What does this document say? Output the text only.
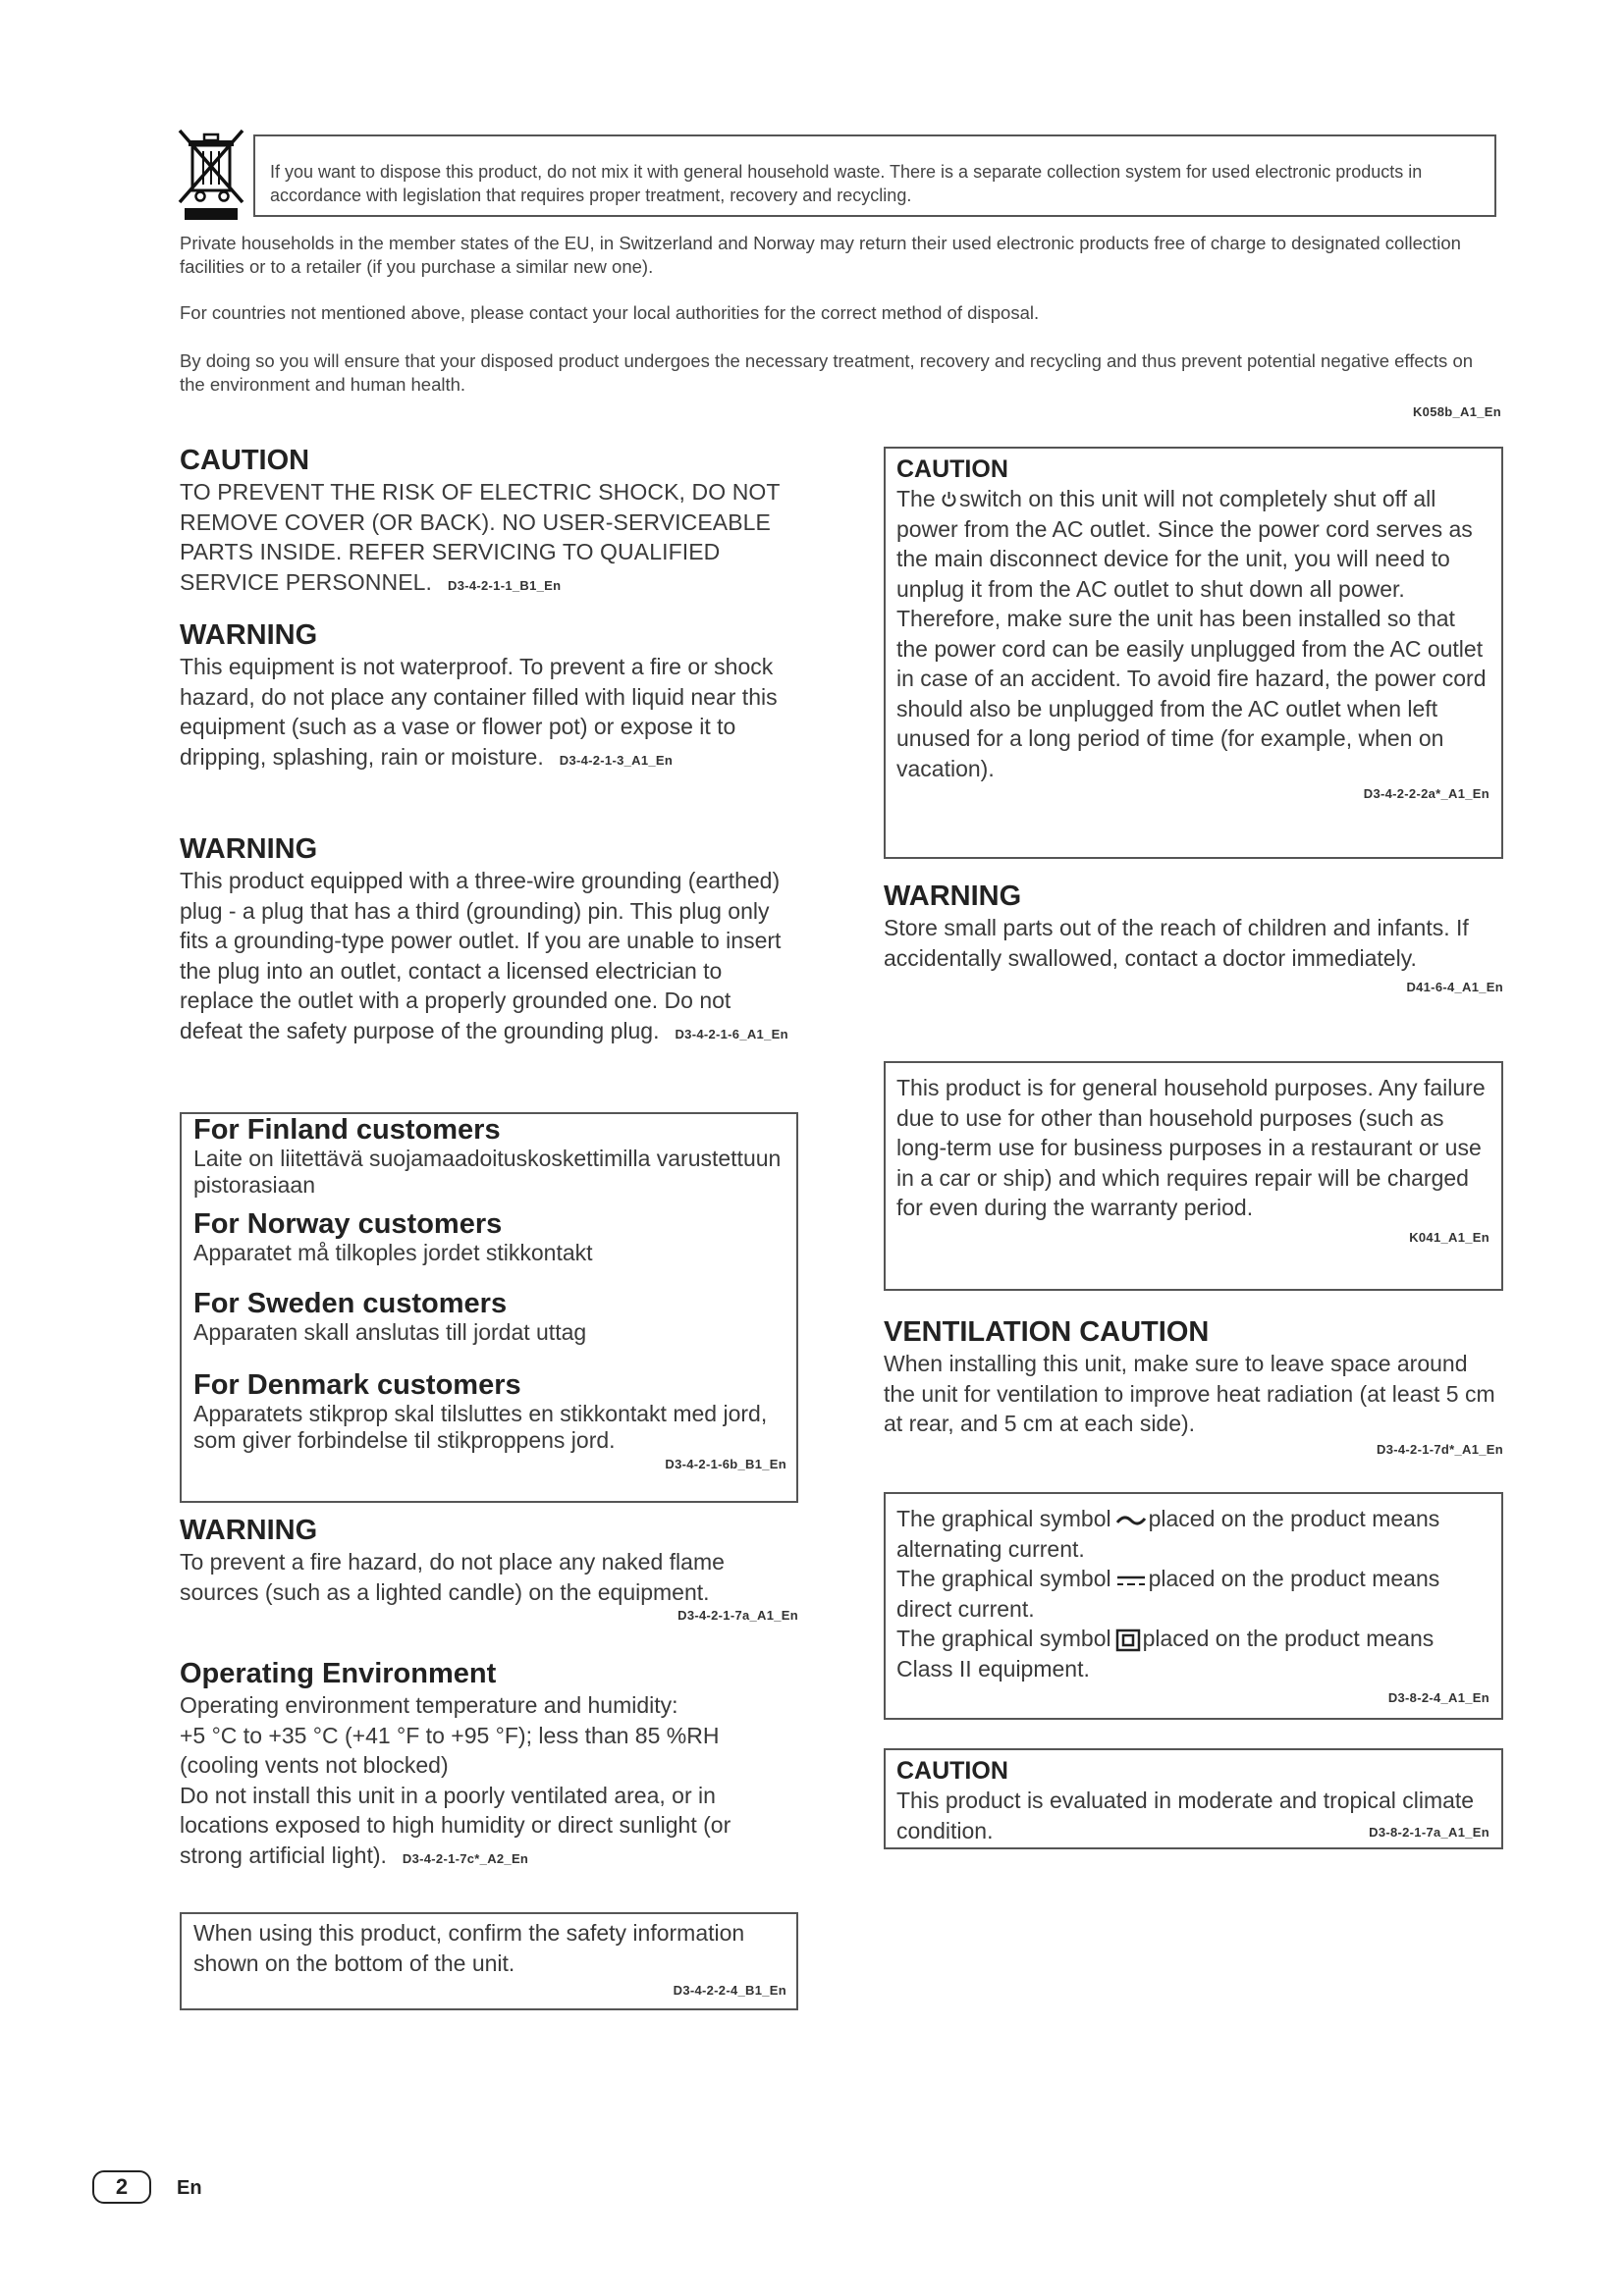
If you want to dispose this product, do not mix it with general household waste. There is a separate collection system for used electronic products in accordance with legislation that requires proper treatment, recovery and recycling.
Private households in the member states of the EU, in Switzerland and Norway may return their used electronic products free of charge to designated collection facilities or to a retailer (if you purchase a similar new one).
For countries not mentioned above, please contact your local authorities for the correct method of disposal.
By doing so you will ensure that your disposed product undergoes the necessary treatment, recovery and recycling and thus prevent potential negative effects on the environment and human health.
K058b_A1_En
CAUTION
TO PREVENT THE RISK OF ELECTRIC SHOCK, DO NOT REMOVE COVER (OR BACK). NO USER-SERVICEABLE PARTS INSIDE. REFER SERVICING TO QUALIFIED SERVICE PERSONNEL. D3-4-2-1-1_B1_En
WARNING
This equipment is not waterproof. To prevent a fire or shock hazard, do not place any container filled with liquid near this equipment (such as a vase or flower pot) or expose it to dripping, splashing, rain or moisture. D3-4-2-1-3_A1_En
WARNING
This product equipped with a three-wire grounding (earthed) plug - a plug that has a third (grounding) pin. This plug only fits a grounding-type power outlet. If you are unable to insert the plug into an outlet, contact a licensed electrician to replace the outlet with a properly grounded one. Do not defeat the safety purpose of the grounding plug. D3-4-2-1-6_A1_En
For Finland customers
Laite on liitettävä suojamaadoituskoskettimilla varustettuun pistorasiaan
For Norway customers
Apparatet må tilkoples jordet stikkontakt
For Sweden customers
Apparaten skall anslutas till jordat uttag
For Denmark customers
Apparatets stikprop skal tilsluttes en stikkontakt med jord, som giver forbindelse til stikproppens jord.
D3-4-2-1-6b_B1_En
WARNING
To prevent a fire hazard, do not place any naked flame sources (such as a lighted candle) on the equipment.
D3-4-2-1-7a_A1_En
Operating Environment
Operating environment temperature and humidity:
+5 °C to +35 °C (+41 °F to +95 °F); less than 85 %RH (cooling vents not blocked)
Do not install this unit in a poorly ventilated area, or in locations exposed to high humidity or direct sunlight (or strong artificial light). D3-4-2-1-7c*_A2_En
When using this product, confirm the safety information shown on the bottom of the unit.
D3-4-2-2-4_B1_En
CAUTION
The switch on this unit will not completely shut off all power from the AC outlet. Since the power cord serves as the main disconnect device for the unit, you will need to unplug it from the AC outlet to shut down all power. Therefore, make sure the unit has been installed so that the power cord can be easily unplugged from the AC outlet in case of an accident. To avoid fire hazard, the power cord should also be unplugged from the AC outlet when left unused for a long period of time (for example, when on vacation).
D3-4-2-2-2a*_A1_En
WARNING
Store small parts out of the reach of children and infants. If accidentally swallowed, contact a doctor immediately.
D41-6-4_A1_En
This product is for general household purposes. Any failure due to use for other than household purposes (such as long-term use for business purposes in a restaurant or use in a car or ship) and which requires repair will be charged for even during the warranty period.
K041_A1_En
VENTILATION CAUTION
When installing this unit, make sure to leave space around the unit for ventilation to improve heat radiation (at least 5 cm at rear, and 5 cm at each side).
D3-4-2-1-7d*_A1_En
The graphical symbol placed on the product means alternating current.
The graphical symbol placed on the product means direct current.
The graphical symbol placed on the product means Class II equipment.
D3-8-2-4_A1_En
CAUTION
This product is evaluated in moderate and tropical climate condition.	D3-8-2-1-7a_A1_En
2	En
